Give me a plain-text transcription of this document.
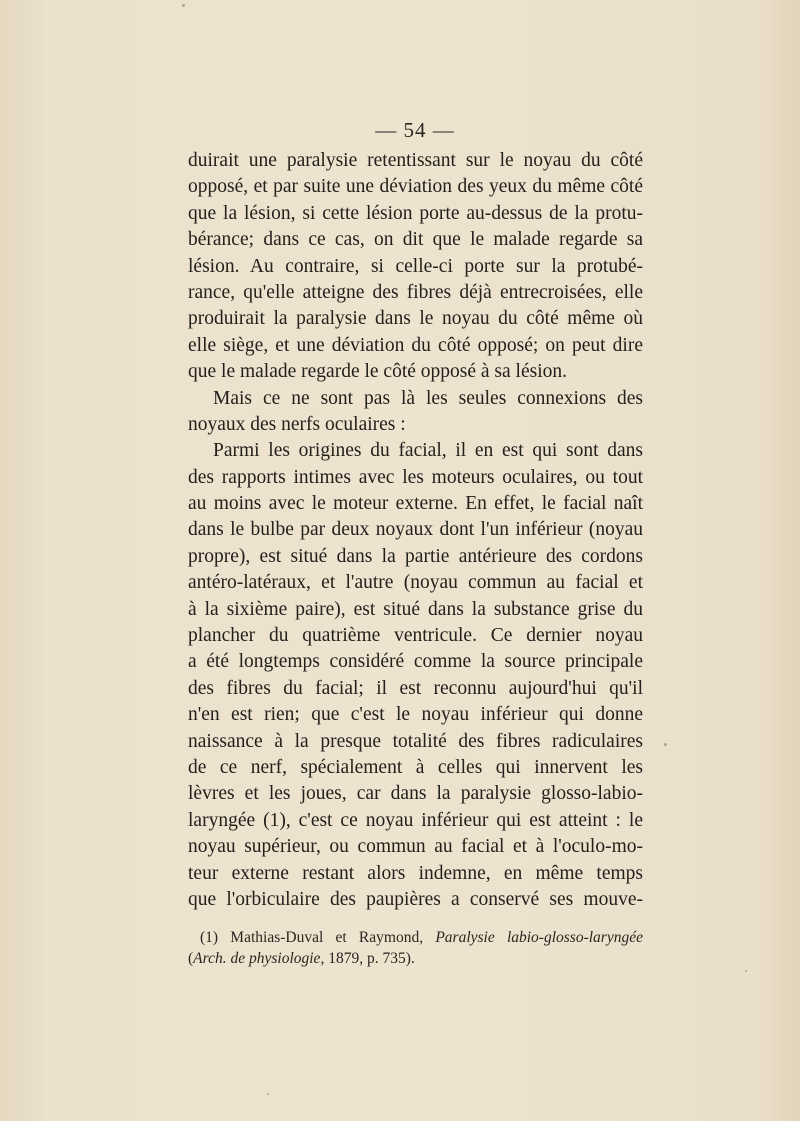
— 54 —
duirait une paralysie retentissant sur le noyau du côté
opposé, et par suite une déviation des yeux du même côté
que la lésion, si cette lésion porte au-dessus de la protu-
bérance; dans ce cas, on dit que le malade regarde sa
lésion. Au contraire, si celle-ci porte sur la protubé-
rance, qu'elle atteigne des fibres déjà entrecroisées, elle
produirait la paralysie dans le noyau du côté même où
elle siège, et une déviation du côté opposé; on peut dire
que le malade regarde le côté opposé à sa lésion.
Mais ce ne sont pas là les seules connexions des
noyaux des nerfs oculaires :
Parmi les origines du facial, il en est qui sont dans
des rapports intimes avec les moteurs oculaires, ou tout
au moins avec le moteur externe. En effet, le facial naît
dans le bulbe par deux noyaux dont l'un inférieur (noyau
propre), est situé dans la partie antérieure des cordons
antéro-latéraux, et l'autre (noyau commun au facial et
à la sixième paire), est situé dans la substance grise du
plancher du quatrième ventricule. Ce dernier noyau
a été longtemps considéré comme la source principale
des fibres du facial; il est reconnu aujourd'hui qu'il
n'en est rien; que c'est le noyau inférieur qui donne
naissance à la presque totalité des fibres radiculaires
de ce nerf, spécialement à celles qui innervent les
lèvres et les joues, car dans la paralysie glosso-labio-
laryngée (1), c'est ce noyau inférieur qui est atteint : le
noyau supérieur, ou commun au facial et à l'oculo-mo-
teur externe restant alors indemne, en même temps
que l'orbiculaire des paupières a conservé ses mouve-
(1) Mathias-Duval et Raymond, Paralysie labio-glosso-laryngée
(Arch. de physiologie, 1879, p. 735).
